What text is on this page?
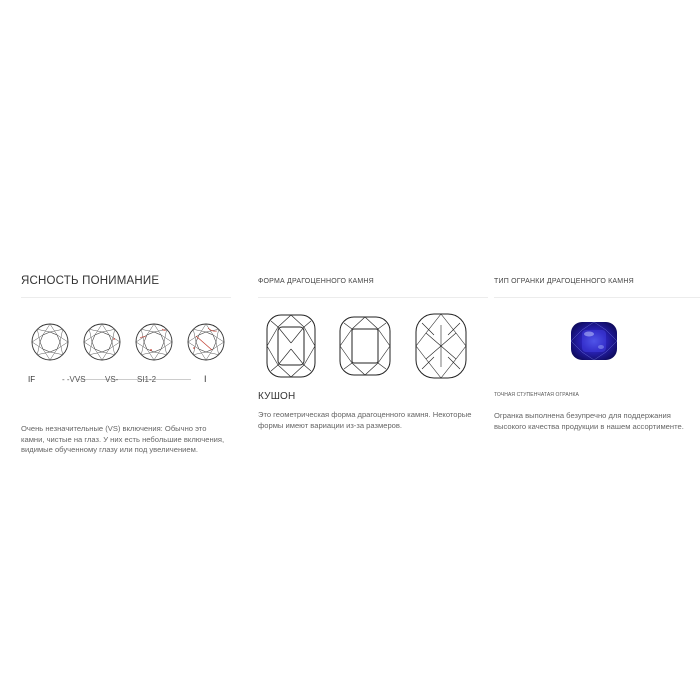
ЯСНОСТЬ ПОНИМАНИЕ
IF	- -VVS VS- SI1-2	I

Очень незначительные (VS) включения: Обычно это камни, чистые на глаз. У них есть небольшие включения, видимые обученному глазу или под увеличением.

ФОРМА ДРАГОЦЕННОГО КАМНЯ
КУШОН

Это геометрическая форма драгоценного камня. Некоторые формы имеют вариации из-за размеров.

ТИП ОГРАНКИ ДРАГОЦЕННОГО КАМНЯ
ТОЧНАЯ СТУПЕНЧАТАЯ ОГРАНКА

Огранка выполнена безупречно для поддержания высокого качества продукции в нашем ассортименте.
